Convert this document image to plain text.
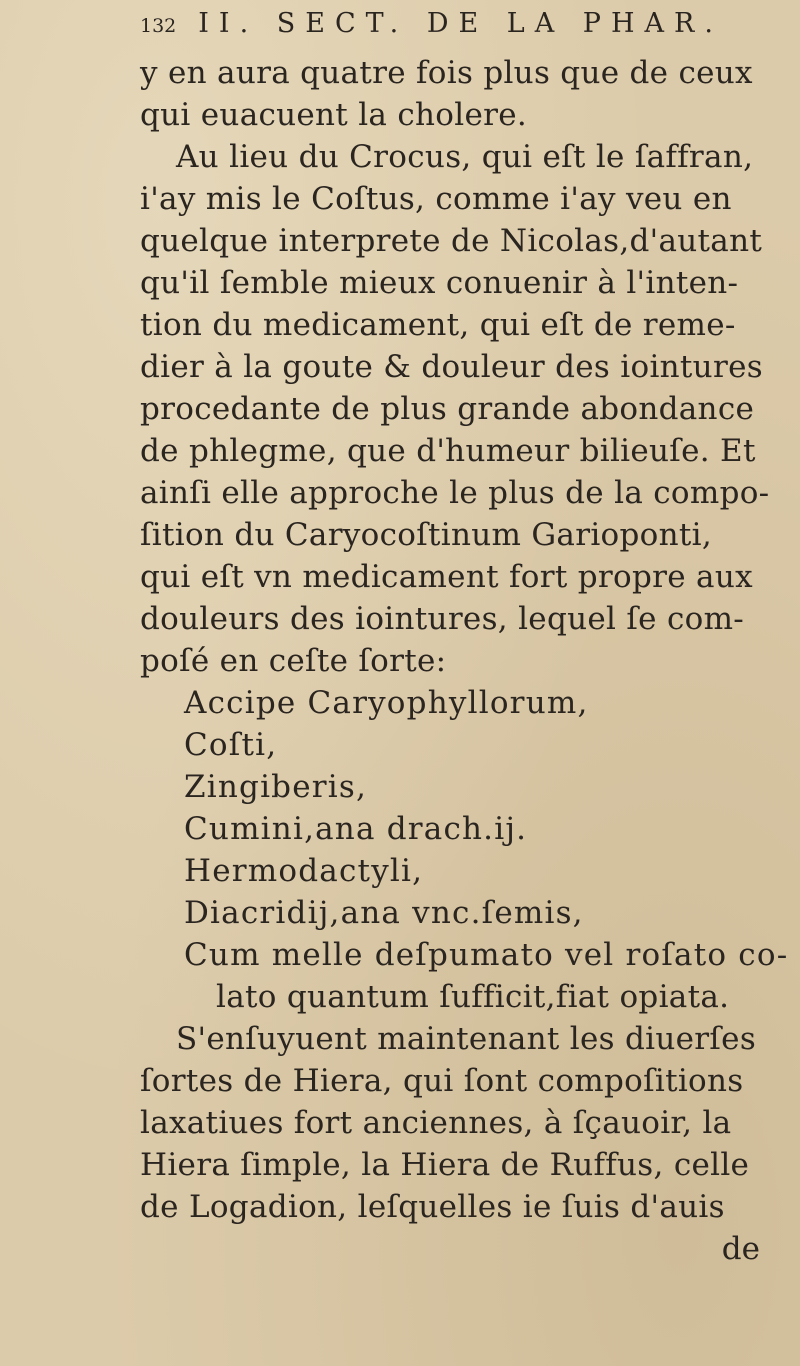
132 II. SECT. DE LA PHAR.
y en aura quatre fois plus que de ceux
qui euacuent la cholere.
Au lieu du Crocus, qui eſt le ſaffran,
i'ay mis le Coſtus, comme i'ay veu en
quelque interprete de Nicolas,d'autant
qu'il ſemble mieux conuenir à l'inten-
tion du medicament, qui eſt de reme-
dier à la goute & douleur des iointures
procedante de plus grande abondance
de phlegme, que d'humeur bilieuſe. Et
ainſi elle approche le plus de la compo-
ſition du Caryocoſtinum Garioponti,
qui eſt vn medicament fort propre aux
douleurs des iointures, lequel ſe com-
poſé en ceſte ſorte:
Accipe Caryophyllorum,
Coſti,
Zingiberis,
Cumini,ana drach.ij.
Hermodactyli,
Diacridij,ana vnc.ſemis,
Cum melle deſpumato vel roſato co-
lato quantum ſufficit,fiat opiata.
S'enſuyuent maintenant les diuerſes
ſortes de Hiera, qui ſont compoſitions
laxatiues fort anciennes, à ſçauoir, la
Hiera ſimple, la Hiera de Ruffus, celle
de Logadion, leſquelles ie ſuis d'auis
de
